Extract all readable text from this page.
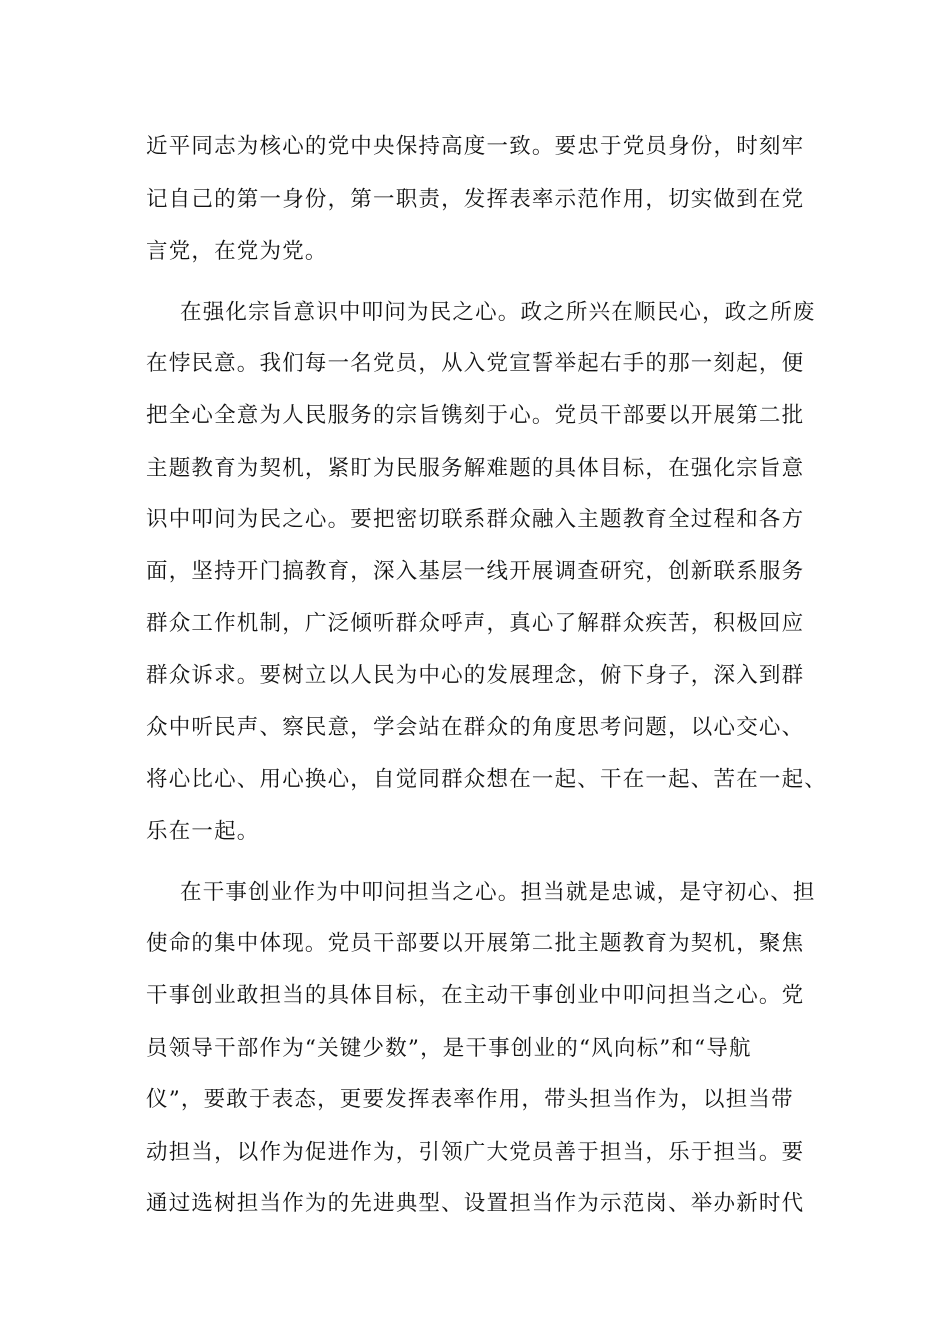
近平同志为核心的党中央保持高度一致。要忠于党员身份，时刻牢
记自己的第一身份，第一职责，发挥表率示范作用，切实做到在党
言党，在党为党。
在强化宗旨意识中叩问为民之心。政之所兴在顺民心，政之所废
在悖民意。我们每一名党员，从入党宣誓举起右手的那一刻起，便
把全心全意为人民服务的宗旨镌刻于心。党员干部要以开展第二批
主题教育为契机，紧盯为民服务解难题的具体目标，在强化宗旨意
识中叩问为民之心。要把密切联系群众融入主题教育全过程和各方
面，坚持开门搞教育，深入基层一线开展调查研究，创新联系服务
群众工作机制，广泛倾听群众呼声，真心了解群众疾苦，积极回应
群众诉求。要树立以人民为中心的发展理念，俯下身子，深入到群
众中听民声、察民意，学会站在群众的角度思考问题，以心交心、
将心比心、用心换心，自觉同群众想在一起、干在一起、苦在一起、
乐在一起。
在干事创业作为中叩问担当之心。担当就是忠诚，是守初心、担
使命的集中体现。党员干部要以开展第二批主题教育为契机，聚焦
干事创业敢担当的具体目标，在主动干事创业中叩问担当之心。党
员领导干部作为“关键少数”，是干事创业的“风向标”和“导航
仪”，要敢于表态，更要发挥表率作用，带头担当作为，以担当带
动担当，以作为促进作为，引领广大党员善于担当，乐于担当。要
通过选树担当作为的先进典型、设置担当作为示范岗、举办新时代
